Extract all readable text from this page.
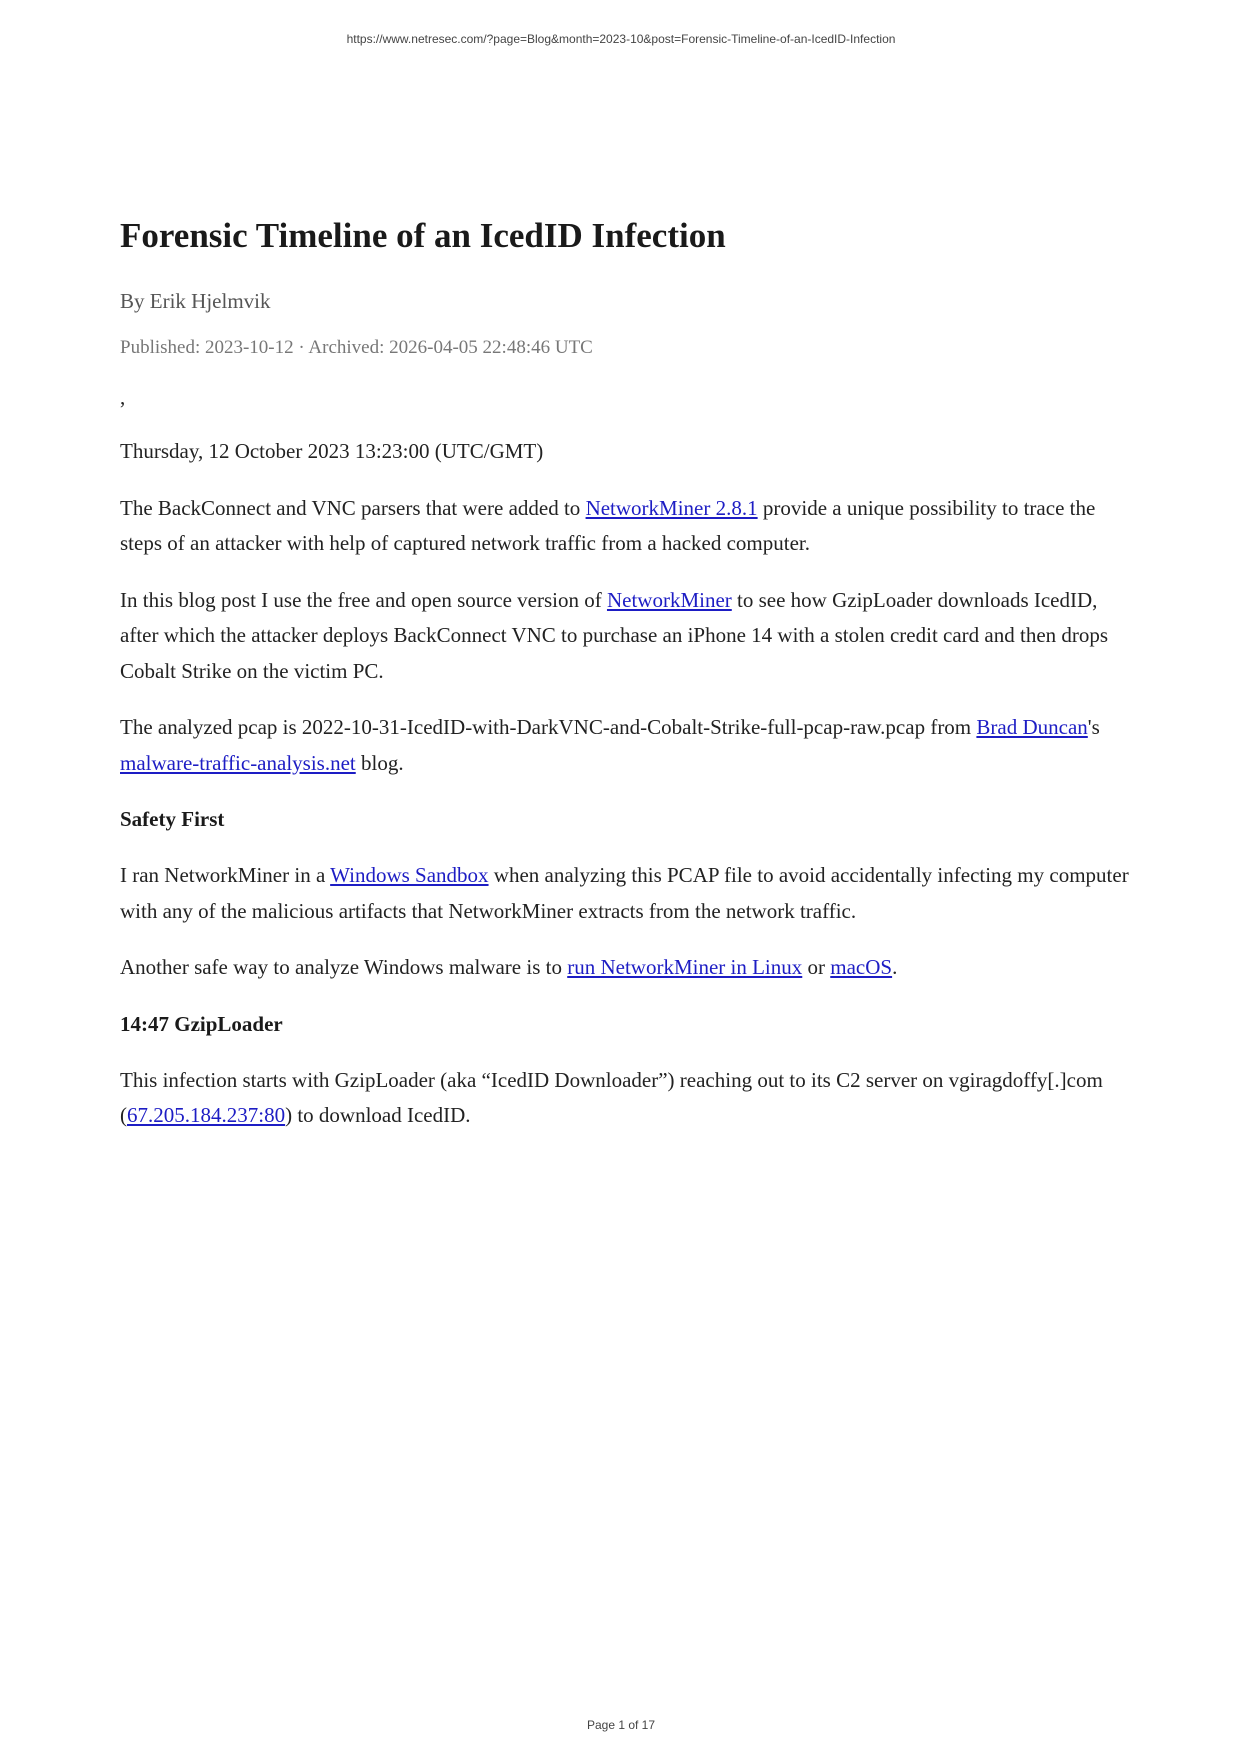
https://www.netresec.com/?page=Blog&month=2023-10&post=Forensic-Timeline-of-an-IcedID-Infection
Forensic Timeline of an IcedID Infection
By Erik Hjelmvik
Published: 2023-10-12 · Archived: 2026-04-05 22:48:46 UTC
,

Thursday, 12 October 2023 13:23:00 (UTC/GMT)

The BackConnect and VNC parsers that were added to NetworkMiner 2.8.1 provide a unique possibility to trace the steps of an attacker with help of captured network traffic from a hacked computer.

In this blog post I use the free and open source version of NetworkMiner to see how GzipLoader downloads IcedID, after which the attacker deploys BackConnect VNC to purchase an iPhone 14 with a stolen credit card and then drops Cobalt Strike on the victim PC.

The analyzed pcap is 2022-10-31-IcedID-with-DarkVNC-and-Cobalt-Strike-full-pcap-raw.pcap from Brad Duncan's malware-traffic-analysis.net blog.

Safety First

I ran NetworkMiner in a Windows Sandbox when analyzing this PCAP file to avoid accidentally infecting my computer with any of the malicious artifacts that NetworkMiner extracts from the network traffic.

Another safe way to analyze Windows malware is to run NetworkMiner in Linux or macOS.

14:47 GzipLoader

This infection starts with GzipLoader (aka “IcedID Downloader”) reaching out to its C2 server on vgiragdoffy[.]com (67.205.184.237:80) to download IcedID.

Page 1 of 17
